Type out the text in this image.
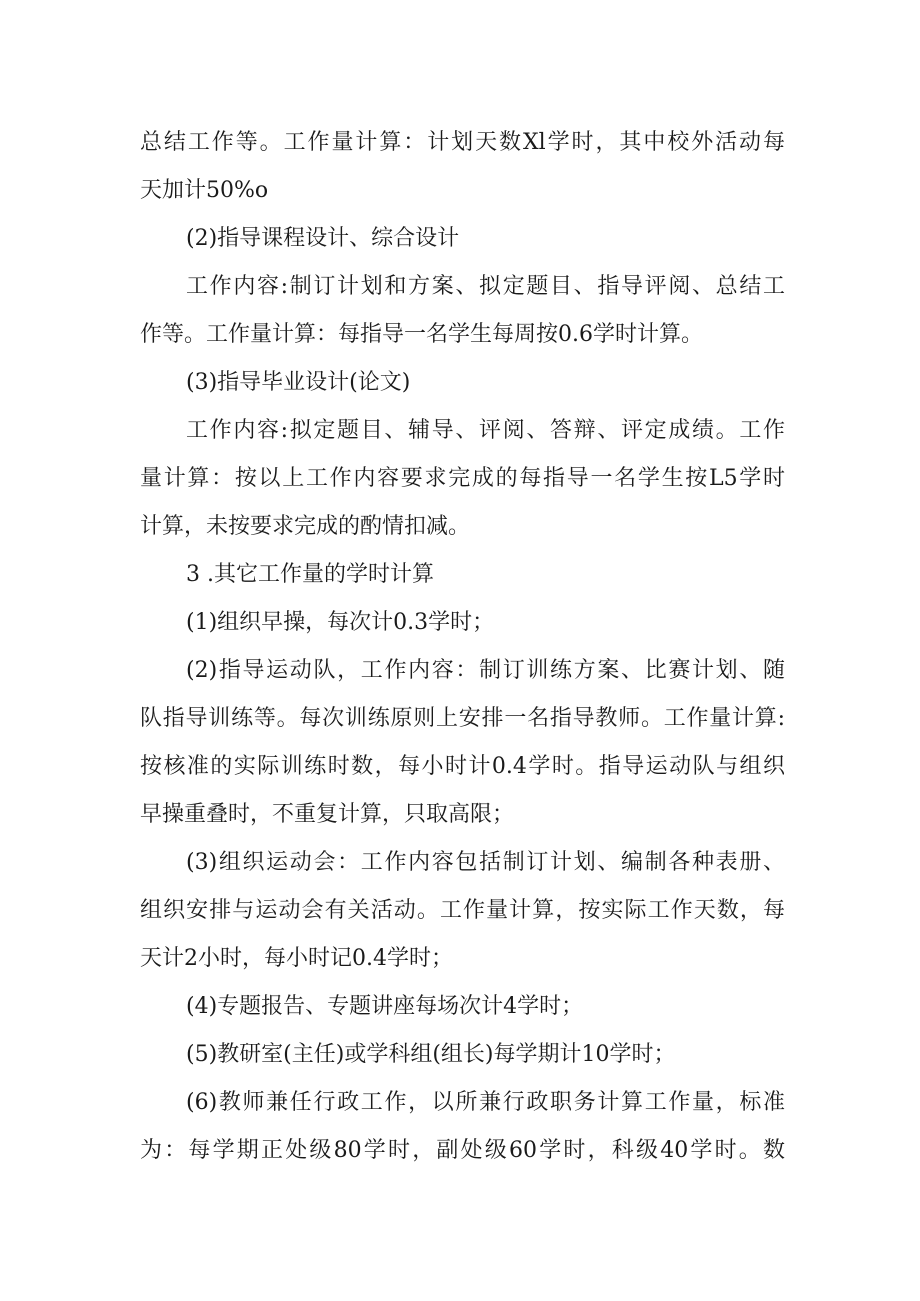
总结工作等。工作量计算：计划天数Xl学时，其中校外活动每
天加计50%o
(2)指导课程设计、综合设计
工作内容:制订计划和方案、拟定题目、指导评阅、总结工
作等。工作量计算：每指导一名学生每周按0.6学时计算。
(3)指导毕业设计(论文)
工作内容:拟定题目、辅导、评阅、答辩、评定成绩。工作
量计算：按以上工作内容要求完成的每指导一名学生按L5学时
计算，未按要求完成的酌情扣减。
3 .其它工作量的学时计算
(1)组织早操，每次计0.3学时；
(2)指导运动队，工作内容：制订训练方案、比赛计划、随
队指导训练等。每次训练原则上安排一名指导教师。工作量计算:
按核准的实际训练时数，每小时计0.4学时。指导运动队与组织
早操重叠时，不重复计算，只取高限；
(3)组织运动会：工作内容包括制订计划、编制各种表册、
组织安排与运动会有关活动。工作量计算，按实际工作天数，每
天计2小时，每小时记0.4学时；
(4)专题报告、专题讲座每场次计4学时；
(5)教研室(主任)或学科组(组长)每学期计10学时；
(6)教师兼任行政工作，以所兼行政职务计算工作量，标准
为：每学期正处级80学时，副处级60学时，科级40学时。数
